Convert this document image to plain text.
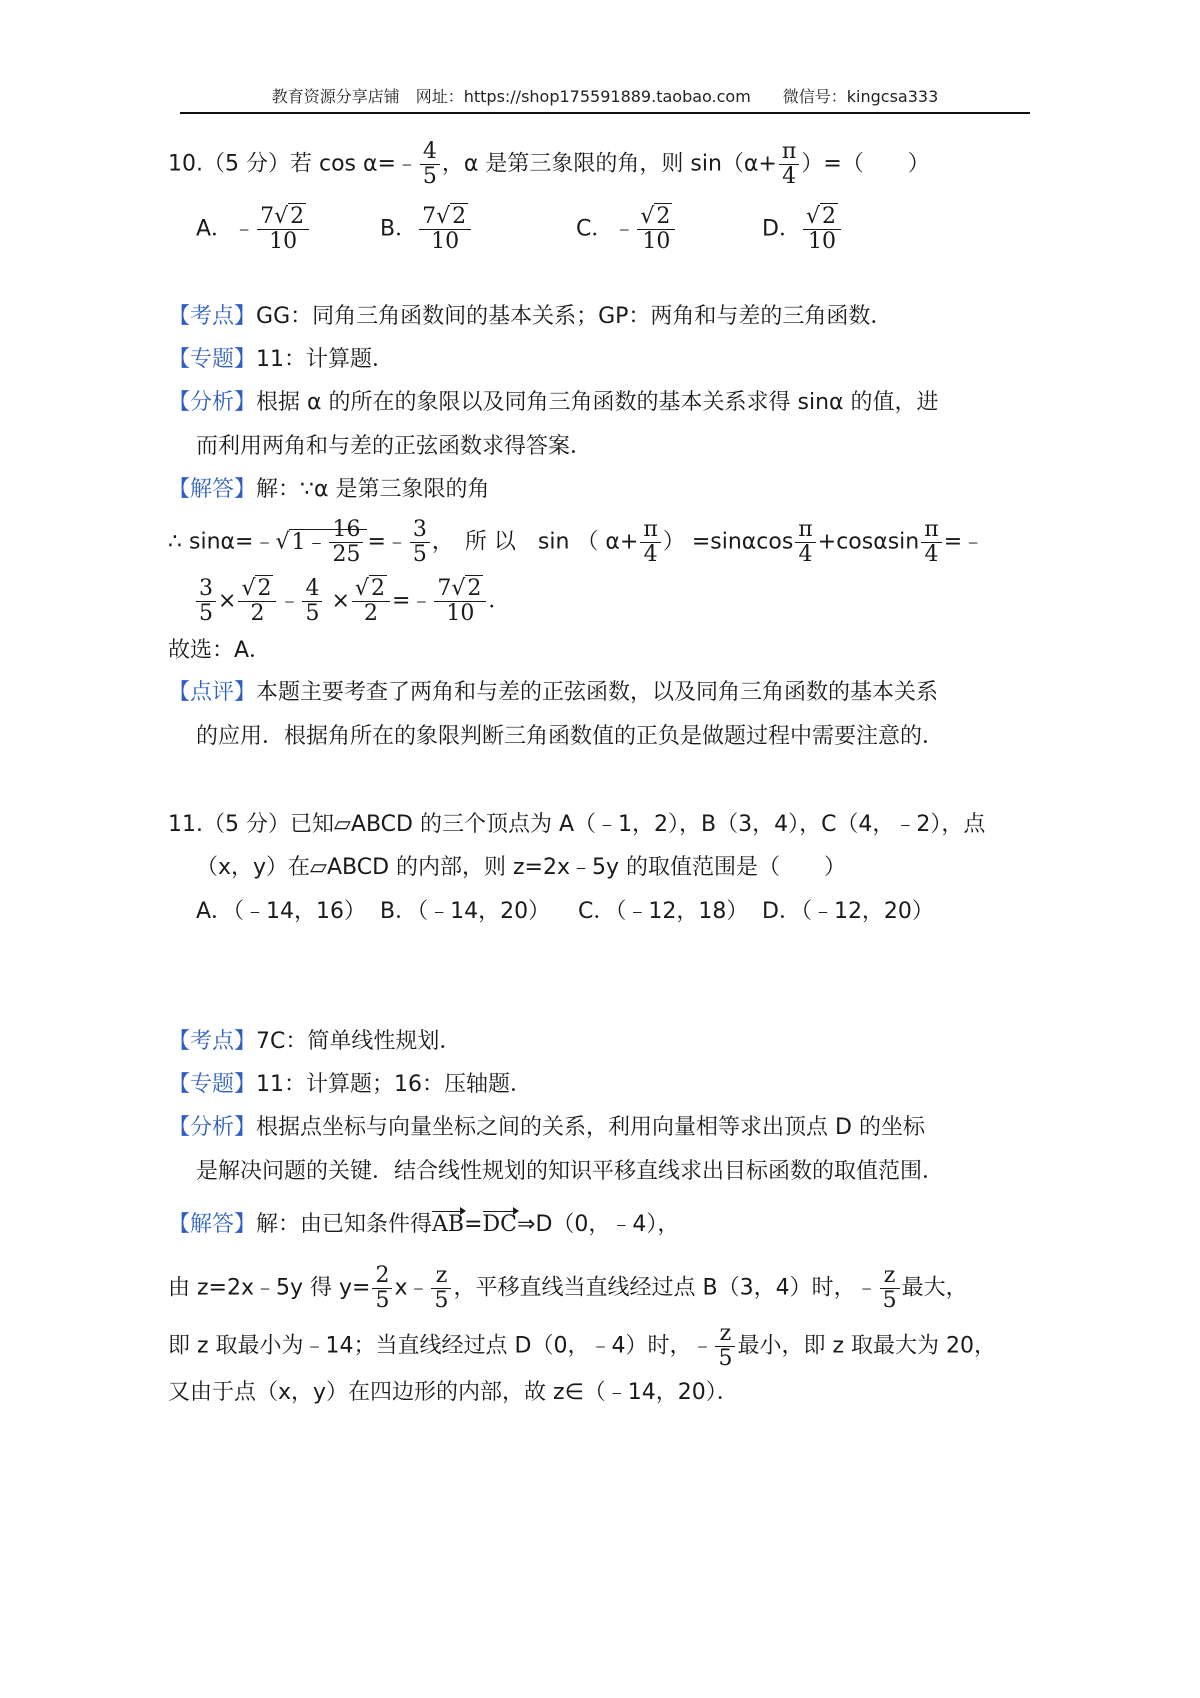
教育资源分享店铺　网址：https://shop175591889.taobao.com　　微信号：kingcsa333
10.（5 分）若 cos α=﹣ $\frac{4}{5}$ ，α 是第三象限的角，则 $\sin(\alpha+ \frac{\pi}{4}$ ）=（　　）
A．﹣ $\frac{7√2}{10}$	B． $\frac{7√2}{10}$	C．﹣ $\frac{√2}{10}$	D． $\frac{√2}{10}$
【考点】GG：同角三角函数间的基本关系；GP：两角和与差的三角函数．
【专题】11：计算题．
【分析】根据 α 的所在的象限以及同角三角函数的基本关系求得 sinα 的值，进
而利用两角和与差的正弦函数求得答案．
【解答】解：∵α 是第三象限的角
∴ sinα=﹣√1﹣ $\frac{16}{25}$ =﹣ $\frac{3}{5}$ ，　所 以　sin （ $\alpha+ \frac{\pi}{4}$ ） $=\sin\alpha\cos \frac{\pi}{4} +\cos\alpha\sin \frac{\pi}{4}$ =﹣
$\frac{3}{5} \times \frac{√2}{2}$ ﹣ $\frac{4}{5} \times \frac{√2}{2}$ =﹣ $\frac{7√2}{10}$ ．
故选：A．
【点评】本题主要考查了两角和与差的正弦函数，以及同角三角函数的基本关系
的应用．根据角所在的象限判断三角函数值的正负是做题过程中需要注意的．
11.（5 分）已知▱ABCD 的三个顶点为 A（﹣1，2），B（3，4），C（4，﹣2），点
（x，y）在▱ABCD 的内部，则 z=2x﹣5y 的取值范围是（　　）
A．（﹣14，16） B．（﹣14，20） C．（﹣12，18） D．（﹣12，20）
【考点】7C：简单线性规划．
【专题】11：计算题；16：压轴题．
【分析】根据点坐标与向量坐标之间的关系，利用向量相等求出顶点 D 的坐标
是解决问题的关键．结合线性规划的知识平移直线求出目标函数的取值范围．
【解答】解：由已知条件得AB=DC⇒D（0，﹣4），
由 z=2x﹣5y 得 $y= \frac{2}{5}$ x﹣ $\frac{z}{5}$ ，平移直线当直线经过点 B（3，4）时，﹣ $\frac{z}{5}$ 最大，
即 z 取最小为﹣14；当直线经过点 D（0，﹣4）时，﹣ $\frac{z}{5}$ 最小，即 z 取最大为 20，
又由于点（x，y）在四边形的内部，故 z∈（﹣14，20）．
